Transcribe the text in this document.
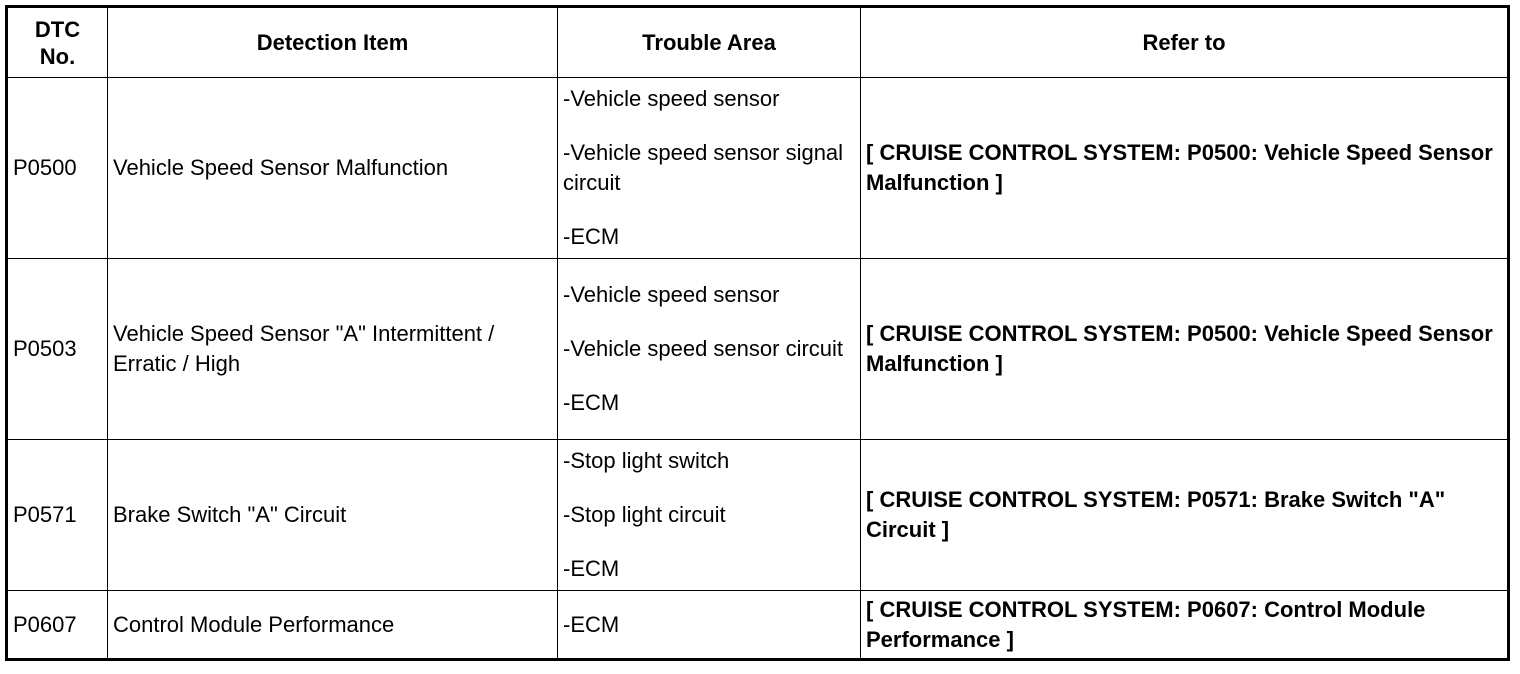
DTC
No.	Detection Item	Trouble Area	Refer to
P0500	Vehicle Speed Sensor Malfunction	-Vehicle speed sensor
-Vehicle speed sensor signal circuit
-ECM	[ CRUISE CONTROL SYSTEM: P0500: Vehicle Speed Sensor Malfunction ]
P0503	Vehicle Speed Sensor "A" Intermittent / Erratic / High	-Vehicle speed sensor
-Vehicle speed sensor circuit
-ECM	[ CRUISE CONTROL SYSTEM: P0500: Vehicle Speed Sensor Malfunction ]
P0571	Brake Switch "A" Circuit	-Stop light switch
-Stop light circuit
-ECM	[ CRUISE CONTROL SYSTEM: P0571: Brake Switch "A" Circuit ]
P0607	Control Module Performance	-ECM	[ CRUISE CONTROL SYSTEM: P0607: Control Module Performance ]
